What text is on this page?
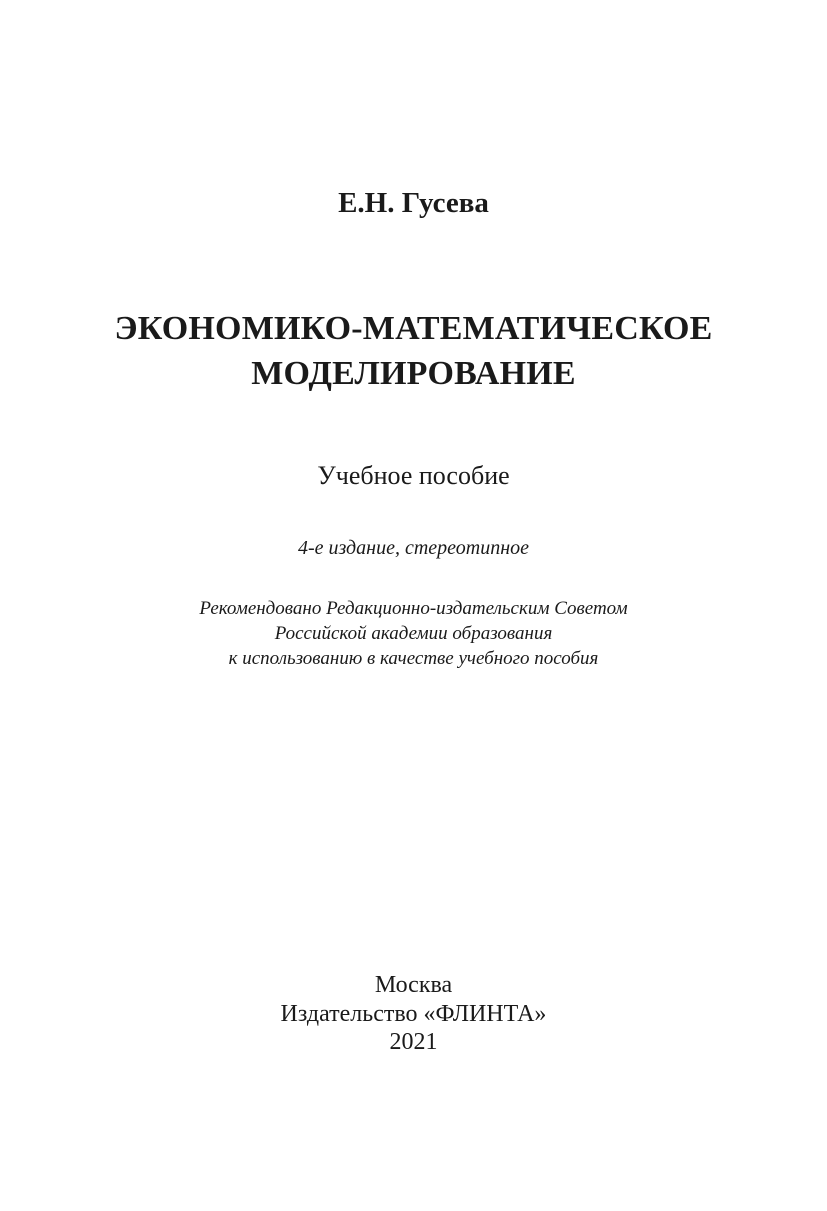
Е.Н. Гусева
ЭКОНОМИКО-МАТЕМАТИЧЕСКОЕ
МОДЕЛИРОВАНИЕ
Учебное пособие
4-е издание, стереотипное
Рекомендовано Редакционно-издательским Советом
Российской академии образования
к использованию в качестве учебного пособия
Москва
Издательство «ФЛИНТА»
2021
